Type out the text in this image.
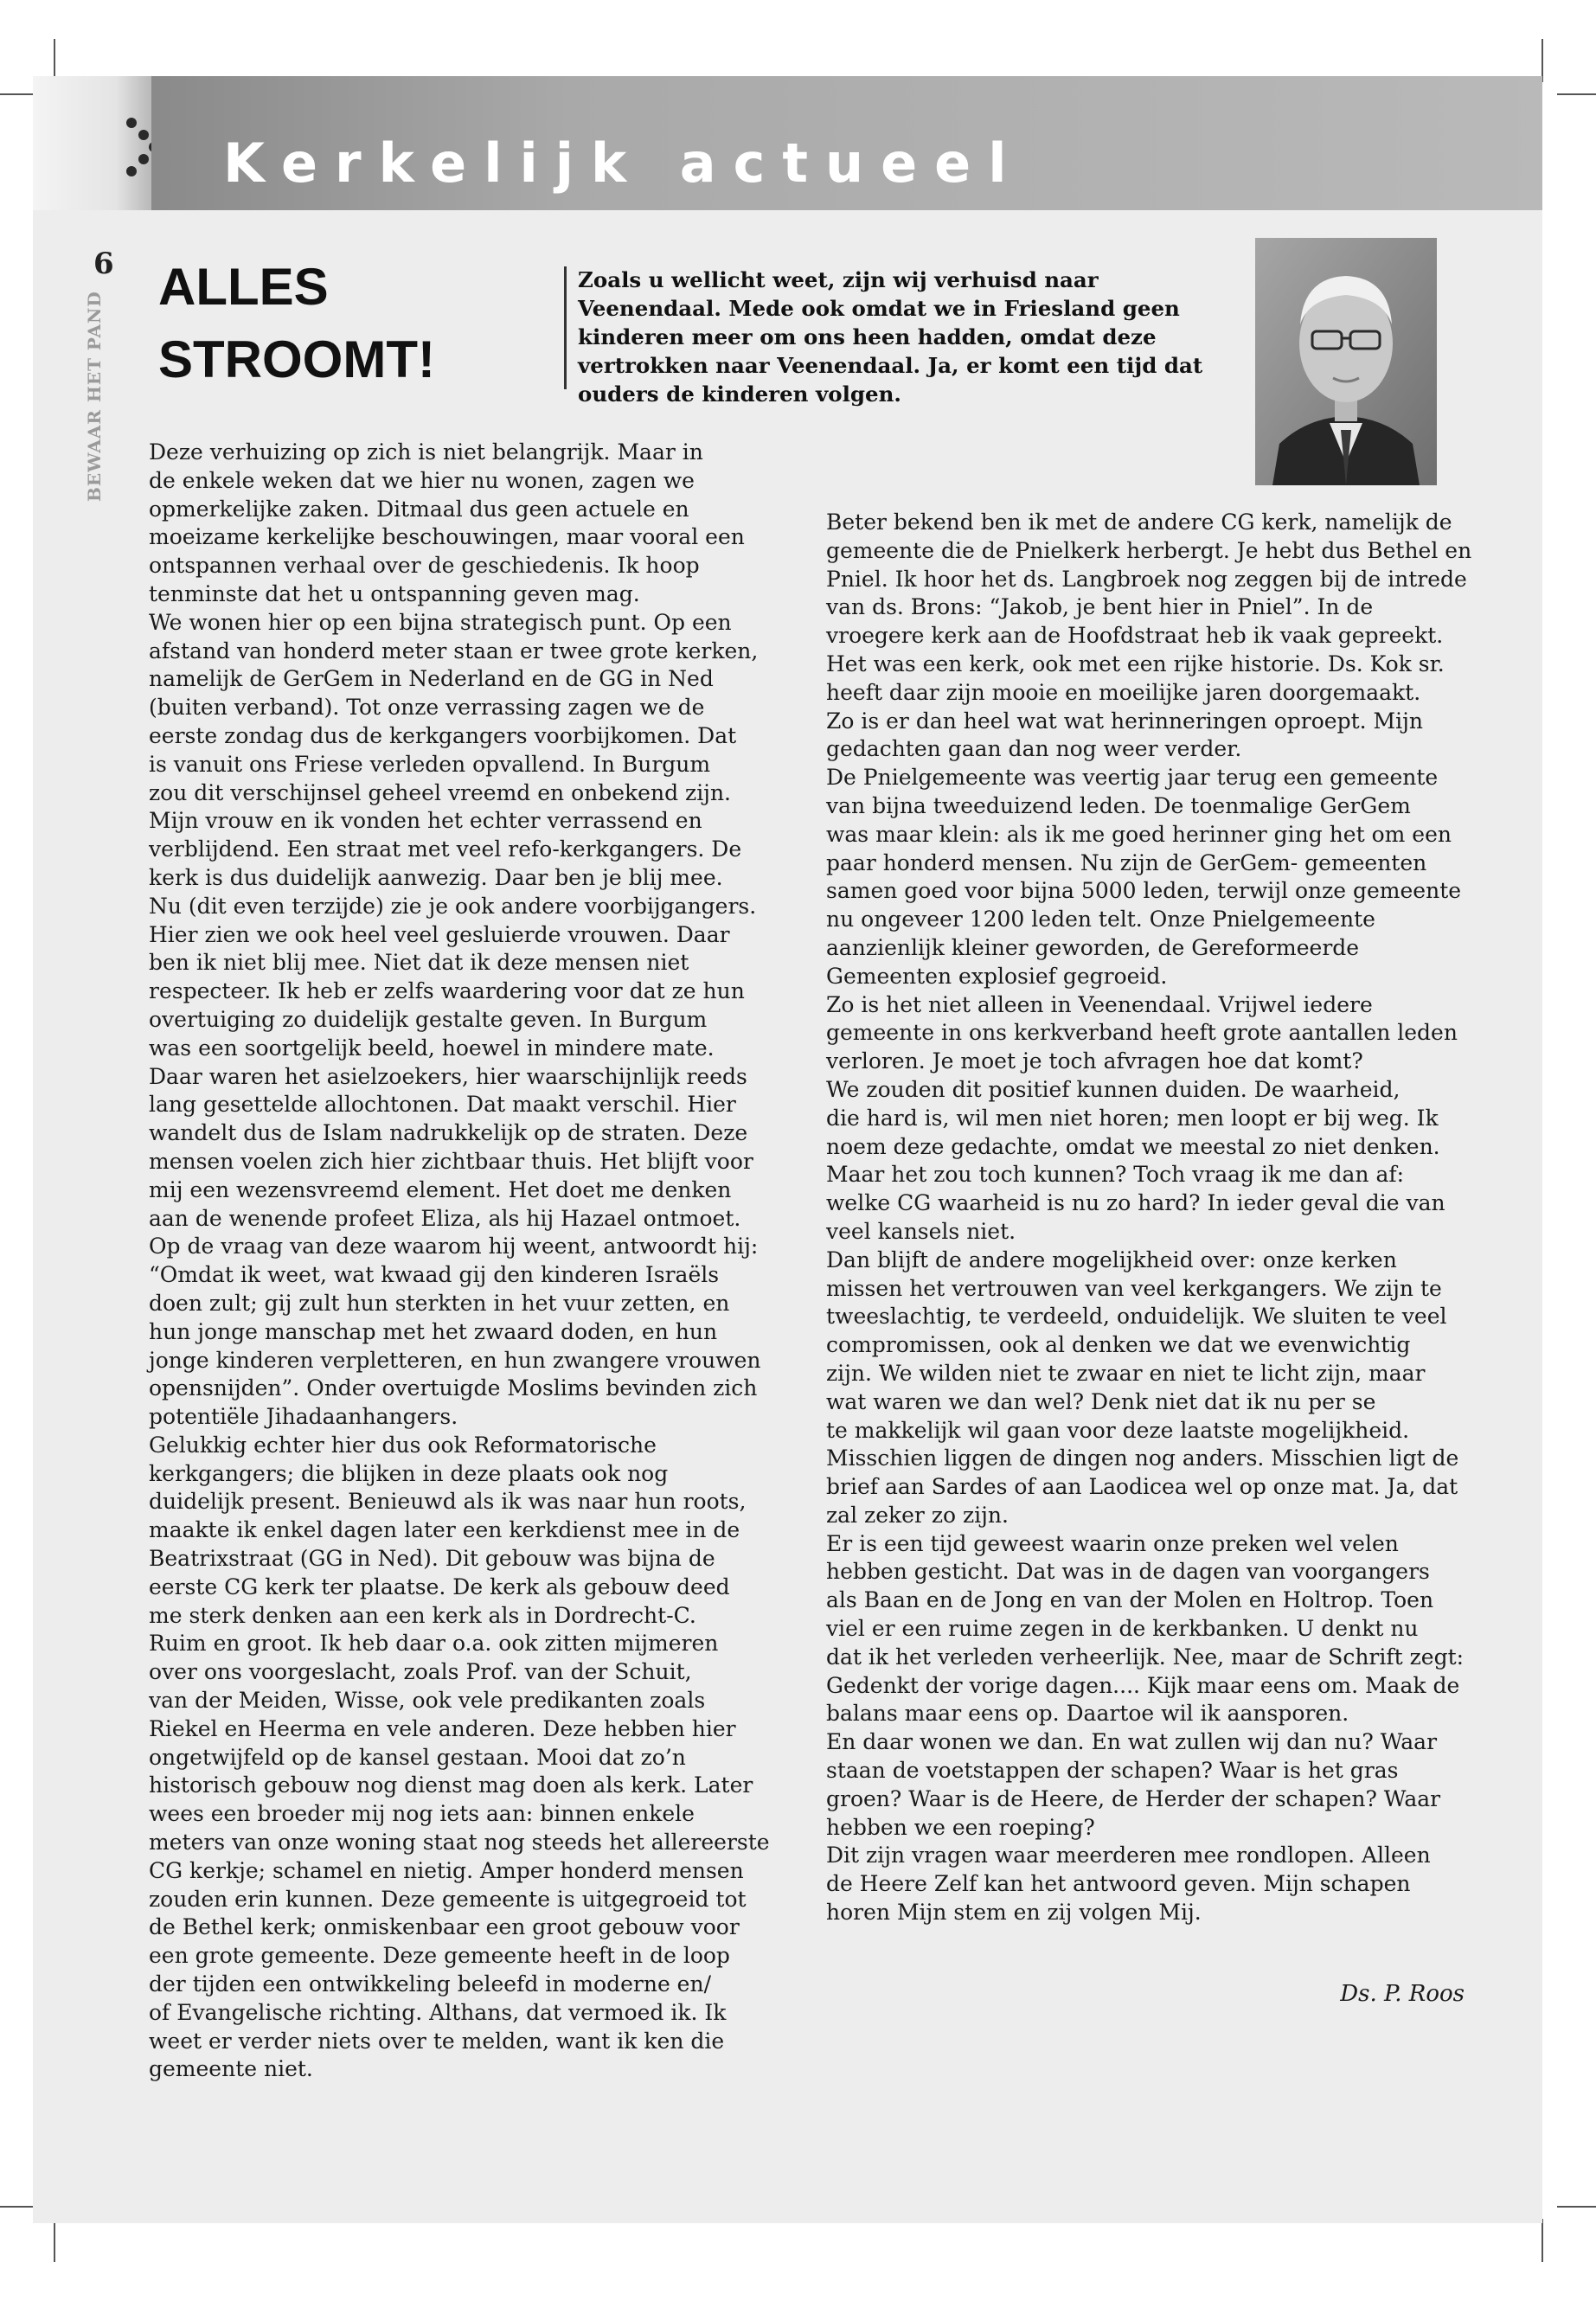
Kerkelijk actueel
6
BEWAAR HET PAND
ALLES
STROOMT!
Zoals u wellicht weet, zijn wij verhuisd naar
Veenendaal. Mede ook omdat we in Friesland geen
kinderen meer om ons heen hadden, omdat deze
vertrokken naar Veenendaal. Ja, er komt een tijd dat
ouders de kinderen volgen.
Deze verhuizing op zich is niet belangrijk. Maar in
de enkele weken dat we hier nu wonen, zagen we
opmerkelijke zaken. Ditmaal dus geen actuele en
moeizame kerkelijke beschouwingen, maar vooral een
ontspannen verhaal over de geschiedenis. Ik hoop
tenminste dat het u ontspanning geven mag.
We wonen hier op een bijna strategisch punt. Op een
afstand van honderd meter staan er twee grote kerken,
namelijk de GerGem in Nederland en de GG in Ned
(buiten verband). Tot onze verrassing zagen we de
eerste zondag dus de kerkgangers voorbijkomen. Dat
is vanuit ons Friese verleden opvallend. In Burgum
zou dit verschijnsel geheel vreemd en onbekend zijn.
Mijn vrouw en ik vonden het echter verrassend en
verblijdend. Een straat met veel refo-kerkgangers. De
kerk is dus duidelijk aanwezig. Daar ben je blij mee.
Nu (dit even terzijde) zie je ook andere voorbijgangers.
Hier zien we ook heel veel gesluierde vrouwen. Daar
ben ik niet blij mee. Niet dat ik deze mensen niet
respecteer. Ik heb er zelfs waardering voor dat ze hun
overtuiging zo duidelijk gestalte geven. In Burgum
was een soortgelijk beeld, hoewel in mindere mate.
Daar waren het asielzoekers, hier waarschijnlijk reeds
lang gesettelde allochtonen. Dat maakt verschil. Hier
wandelt dus de Islam nadrukkelijk op de straten. Deze
mensen voelen zich hier zichtbaar thuis. Het blijft voor
mij een wezensvreemd element. Het doet me denken
aan de wenende profeet Eliza, als hij Hazael ontmoet.
Op de vraag van deze waarom hij weent, antwoordt hij:
“Omdat ik weet, wat kwaad gij den kinderen Israëls
doen zult; gij zult hun sterkten in het vuur zetten, en
hun jonge manschap met het zwaard doden, en hun
jonge kinderen verpletteren, en hun zwangere vrouwen
opensnijden”. Onder overtuigde Moslims bevinden zich
potentiële Jihadaanhangers.
Gelukkig echter hier dus ook Reformatorische
kerkgangers; die blijken in deze plaats ook nog
duidelijk present. Benieuwd als ik was naar hun roots,
maakte ik enkel dagen later een kerkdienst mee in de
Beatrixstraat (GG in Ned). Dit gebouw was bijna de
eerste CG kerk ter plaatse. De kerk als gebouw deed
me sterk denken aan een kerk als in Dordrecht-C.
Ruim en groot. Ik heb daar o.a. ook zitten mijmeren
over ons voorgeslacht, zoals Prof. van der Schuit,
van der Meiden, Wisse, ook vele predikanten zoals
Riekel en Heerma en vele anderen. Deze hebben hier
ongetwijfeld op de kansel gestaan. Mooi dat zo’n
historisch gebouw nog dienst mag doen als kerk. Later
wees een broeder mij nog iets aan: binnen enkele
meters van onze woning staat nog steeds het allereerste
CG kerkje; schamel en nietig. Amper honderd mensen
zouden erin kunnen. Deze gemeente is uitgegroeid tot
de Bethel kerk; onmiskenbaar een groot gebouw voor
een grote gemeente. Deze gemeente heeft in de loop
der tijden een ontwikkeling beleefd in moderne en/
of Evangelische richting. Althans, dat vermoed ik. Ik
weet er verder niets over te melden, want ik ken die
gemeente niet.
Beter bekend ben ik met de andere CG kerk, namelijk de
gemeente die de Pnielkerk herbergt. Je hebt dus Bethel en
Pniel. Ik hoor het ds. Langbroek nog zeggen bij de intrede
van ds. Brons: “Jakob, je bent hier in Pniel”. In de
vroegere kerk aan de Hoofdstraat heb ik vaak gepreekt.
Het was een kerk, ook met een rijke historie. Ds. Kok sr.
heeft daar zijn mooie en moeilijke jaren doorgemaakt.
Zo is er dan heel wat wat herinneringen oproept. Mijn
gedachten gaan dan nog weer verder.
De Pnielgemeente was veertig jaar terug een gemeente
van bijna tweeduizend leden. De toenmalige GerGem
was maar klein: als ik me goed herinner ging het om een
paar honderd mensen. Nu zijn de GerGem- gemeenten
samen goed voor bijna 5000 leden, terwijl onze gemeente
nu ongeveer 1200 leden telt. Onze Pnielgemeente
aanzienlijk kleiner geworden, de Gereformeerde
Gemeenten explosief gegroeid.
Zo is het niet alleen in Veenendaal. Vrijwel iedere
gemeente in ons kerkverband heeft grote aantallen leden
verloren. Je moet je toch afvragen hoe dat komt?
We zouden dit positief kunnen duiden. De waarheid,
die hard is, wil men niet horen; men loopt er bij weg. Ik
noem deze gedachte, omdat we meestal zo niet denken.
Maar het zou toch kunnen? Toch vraag ik me dan af:
welke CG waarheid is nu zo hard? In ieder geval die van
veel kansels niet.
Dan blijft de andere mogelijkheid over: onze kerken
missen het vertrouwen van veel kerkgangers. We zijn te
tweeslachtig, te verdeeld, onduidelijk. We sluiten te veel
compromissen, ook al denken we dat we evenwichtig
zijn. We wilden niet te zwaar en niet te licht zijn, maar
wat waren we dan wel? Denk niet dat ik nu per se
te makkelijk wil gaan voor deze laatste mogelijkheid.
Misschien liggen de dingen nog anders. Misschien ligt de
brief aan Sardes of aan Laodicea wel op onze mat. Ja, dat
zal zeker zo zijn.
Er is een tijd geweest waarin onze preken wel velen
hebben gesticht. Dat was in de dagen van voorgangers
als Baan en de Jong en van der Molen en Holtrop. Toen
viel er een ruime zegen in de kerkbanken. U denkt nu
dat ik het verleden verheerlijk. Nee, maar de Schrift zegt:
Gedenkt der vorige dagen.... Kijk maar eens om. Maak de
balans maar eens op. Daartoe wil ik aansporen.
En daar wonen we dan. En wat zullen wij dan nu? Waar
staan de voetstappen der schapen? Waar is het gras
groen? Waar is de Heere, de Herder der schapen? Waar
hebben we een roeping?
Dit zijn vragen waar meerderen mee rondlopen. Alleen
de Heere Zelf kan het antwoord geven. Mijn schapen
horen Mijn stem en zij volgen Mij.
Ds. P. Roos
